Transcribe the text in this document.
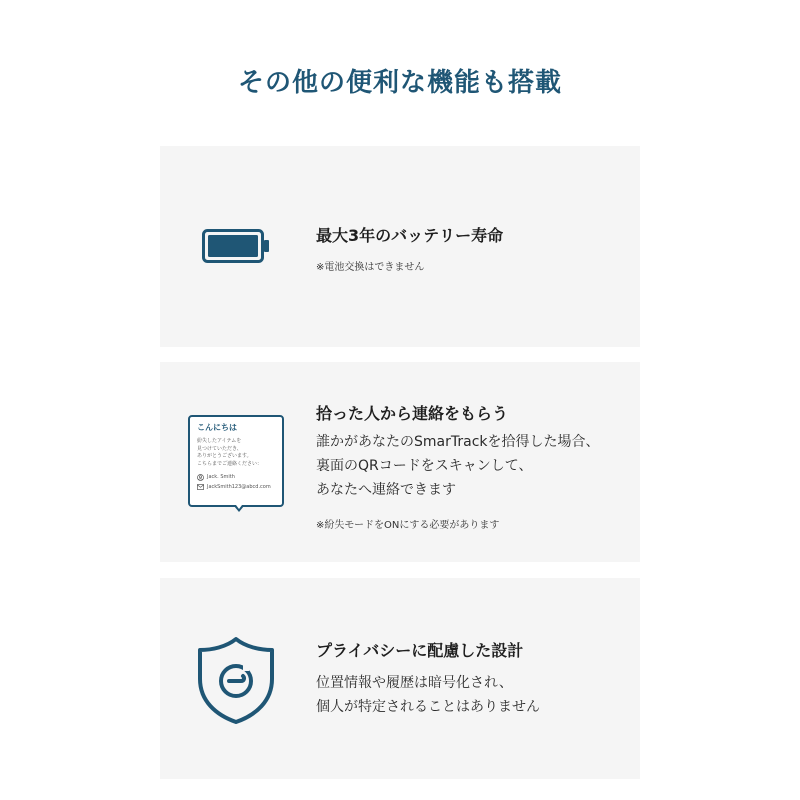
その他の便利な機能も搭載
最大3年のバッテリー寿命
※電池交換はできません
こんにちは
紛失したアイテムを
見つけていただき、
ありがとうございます。
こちらまでご連絡ください：
Jack. Smith
JackSmith123@abcd.com
拾った人から連絡をもらう
誰かがあなたのSmarTrackを拾得した場合、
裏面のQRコードをスキャンして、
あなたへ連絡できます
※紛失モードをONにする必要があります
プライバシーに配慮した設計
位置情報や履歴は暗号化され、
個人が特定されることはありません
